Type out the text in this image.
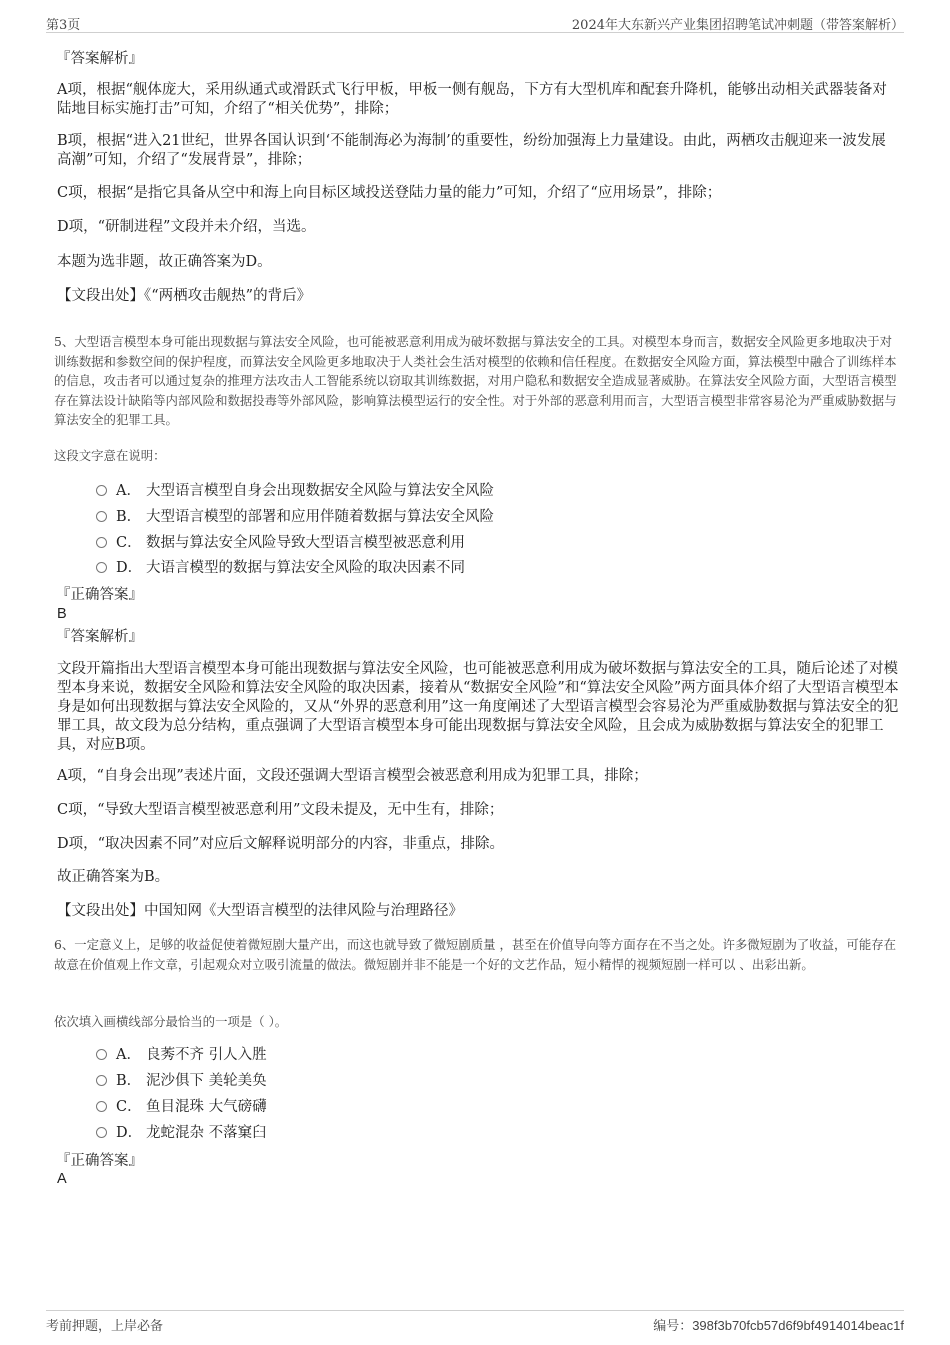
第3页	2024年大东新兴产业集团招聘笔试冲刺题（带答案解析）

『答案解析』

A项，根据“舰体庞大，采用纵通式或滑跃式飞行甲板，甲板一侧有舰岛，下方有大型机库和配套升降机，能够出动相关武器装备对陆地目标实施打击”可知，介绍了“相关优势”，排除；

B项，根据“进入21世纪，世界各国认识到‘不能制海必为海制’的重要性，纷纷加强海上力量建设。由此，两栖攻击舰迎来一波发展高潮”可知，介绍了“发展背景”，排除；

C项，根据“是指它具备从空中和海上向目标区域投送登陆力量的能力”可知，介绍了“应用场景”，排除；

D项，“研制进程”文段并未介绍，当选。

本题为选非题，故正确答案为D。

【文段出处】《“两栖攻击舰热”的背后》

5、大型语言模型本身可能出现数据与算法安全风险，也可能被恶意利用成为破坏数据与算法安全的工具。对模型本身而言，数据安全风险更多地取决于对训练数据和参数空间的保护程度，而算法安全风险更多地取决于人类社会生活对模型的依赖和信任程度。在数据安全风险方面，算法模型中融合了训练样本的信息，攻击者可以通过复杂的推理方法攻击人工智能系统以窃取其训练数据，对用户隐私和数据安全造成显著威胁。在算法安全风险方面，大型语言模型存在算法设计缺陷等内部风险和数据投毒等外部风险，影响算法模型运行的安全性。对于外部的恶意利用而言，大型语言模型非常容易沦为严重威胁数据与算法安全的犯罪工具。

这段文字意在说明：

A． 大型语言模型自身会出现数据安全风险与算法安全风险
B． 大型语言模型的部署和应用伴随着数据与算法安全风险
C． 数据与算法安全风险导致大型语言模型被恶意利用
D． 大语言模型的数据与算法安全风险的取决因素不同

『正确答案』

B

『答案解析』

文段开篇指出大型语言模型本身可能出现数据与算法安全风险，也可能被恶意利用成为破坏数据与算法安全的工具，随后论述了对模型本身来说，数据安全风险和算法安全风险的取决因素，接着从“数据安全风险”和“算法安全风险”两方面具体介绍了大型语言模型本身是如何出现数据与算法安全风险的，又从“外界的恶意利用”这一角度阐述了大型语言模型会容易沦为严重威胁数据与算法安全的犯罪工具，故文段为总分结构，重点强调了大型语言模型本身可能出现数据与算法安全风险，且会成为威胁数据与算法安全的犯罪工具，对应B项。

A项，“自身会出现”表述片面，文段还强调大型语言模型会被恶意利用成为犯罪工具，排除；

C项，“导致大型语言模型被恶意利用”文段未提及，无中生有，排除；

D项，“取决因素不同”对应后文解释说明部分的内容，非重点，排除。

故正确答案为B。

【文段出处】中国知网《大型语言模型的法律风险与治理路径》

6、一定意义上，足够的收益促使着微短剧大量产出，而这也就导致了微短剧质量 ，甚至在价值导向等方面存在不当之处。许多微短剧为了收益，可能存在故意在价值观上作文章，引起观众对立吸引流量的做法。微短剧并非不能是一个好的文艺作品，短小精悍的视频短剧一样可以 、出彩出新。

依次填入画横线部分最恰当的一项是（ ）。

A． 良莠不齐 引人入胜
B． 泥沙俱下 美轮美奂
C． 鱼目混珠 大气磅礴
D． 龙蛇混杂 不落窠臼

『正确答案』

A

考前押题，上岸必备	编号：398f3b70fcb57d6f9bf4914014beac1f
